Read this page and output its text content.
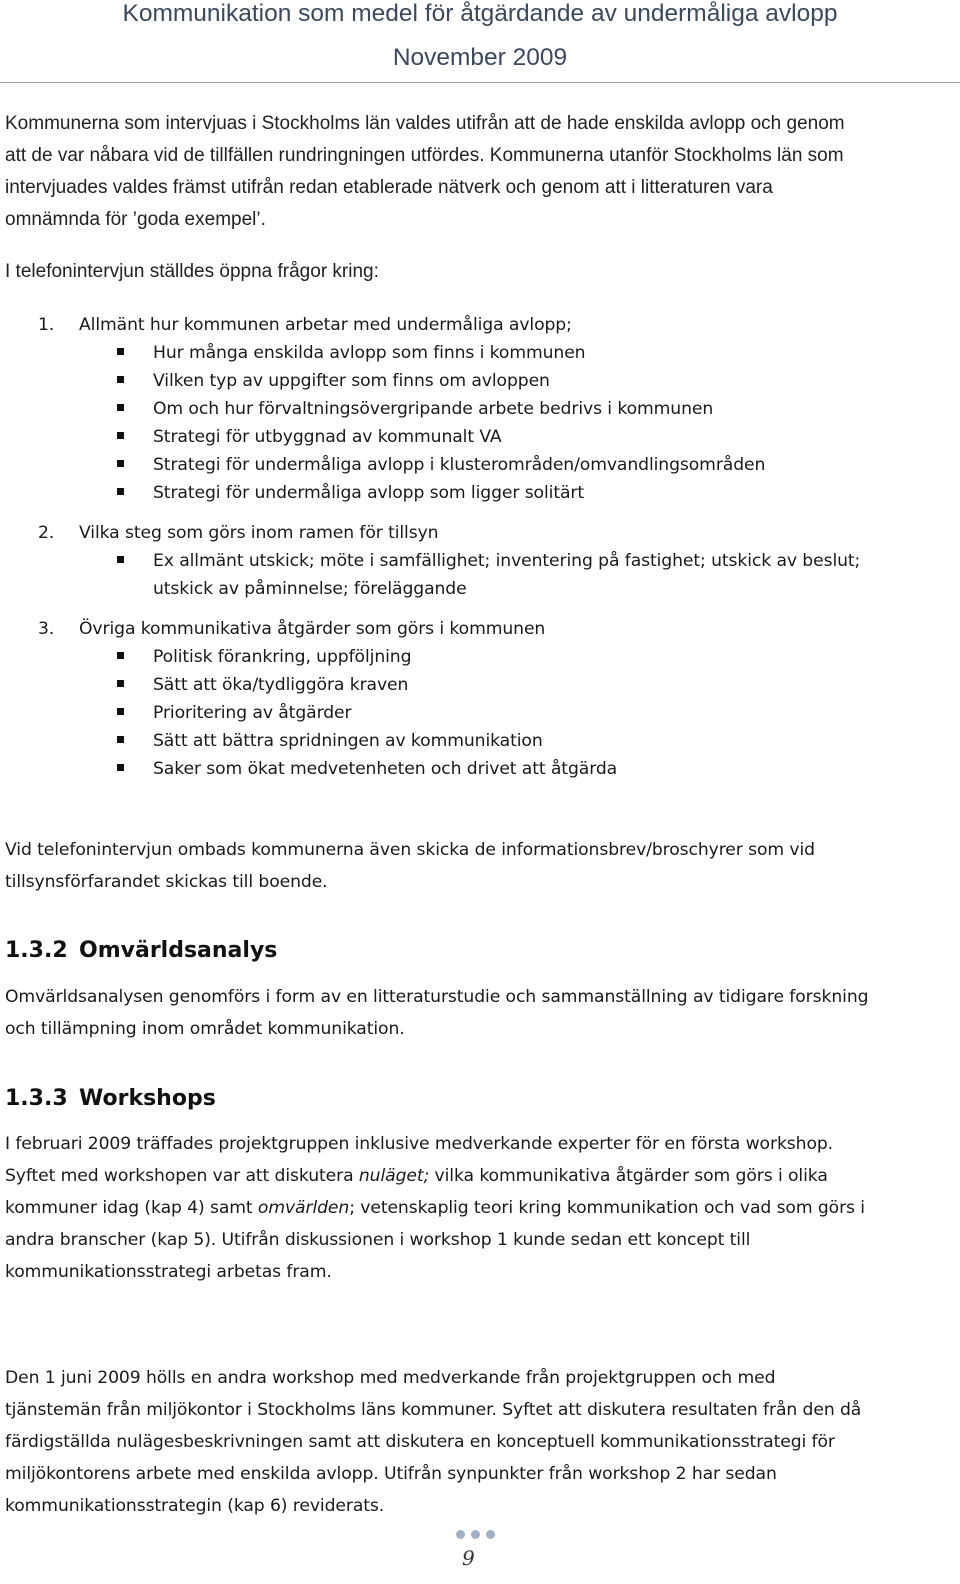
Kommunikation som medel för åtgärdande av undermåliga avlopp
November 2009
Kommunerna som intervjuas i Stockholms län valdes utifrån att de hade enskilda avlopp och genom
att de var nåbara vid de tillfällen rundringningen utfördes. Kommunerna utanför Stockholms län som
intervjuades valdes främst utifrån redan etablerade nätverk och genom att i litteraturen vara
omnämnda för ’goda exempel’.
I telefonintervjun ställdes öppna frågor kring:
1. Allmänt hur kommunen arbetar med undermåliga avlopp;
Hur många enskilda avlopp som finns i kommunen
Vilken typ av uppgifter som finns om avloppen
Om och hur förvaltningsövergripande arbete bedrivs i kommunen
Strategi för utbyggnad av kommunalt VA
Strategi för undermåliga avlopp i klusterområden/omvandlingsområden
Strategi för undermåliga avlopp som ligger solitärt
2. Vilka steg som görs inom ramen för tillsyn
Ex allmänt utskick; möte i samfällighet; inventering på fastighet; utskick av beslut;
utskick av påminnelse; föreläggande
3. Övriga kommunikativa åtgärder som görs i kommunen
Politisk förankring, uppföljning
Sätt att öka/tydliggöra kraven
Prioritering av åtgärder
Sätt att bättra spridningen av kommunikation
Saker som ökat medvetenheten och drivet att åtgärda
Vid telefonintervjun ombads kommunerna även skicka de informationsbrev/broschyrer som vid
tillsynsförfarandet skickas till boende.
1.3.2 Omvärldsanalys
Omvärldsanalysen genomförs i form av en litteraturstudie och sammanställning av tidigare forskning
och tillämpning inom området kommunikation.
1.3.3 Workshops
I februari 2009 träffades projektgruppen inklusive medverkande experter för en första workshop.
Syftet med workshopen var att diskutera nuläget; vilka kommunikativa åtgärder som görs i olika
kommuner idag (kap 4) samt omvärlden; vetenskaplig teori kring kommunikation och vad som görs i
andra branscher (kap 5). Utifrån diskussionen i workshop 1 kunde sedan ett koncept till
kommunikationsstrategi arbetas fram.
Den 1 juni 2009 hölls en andra workshop med medverkande från projektgruppen och med
tjänstemän från miljökontor i Stockholms läns kommuner. Syftet att diskutera resultaten från den då
färdigställda nulägesbeskrivningen samt att diskutera en konceptuell kommunikationsstrategi för
miljökontorens arbete med enskilda avlopp. Utifrån synpunkter från workshop 2 har sedan
kommunikationsstrategin (kap 6) reviderats.
9
